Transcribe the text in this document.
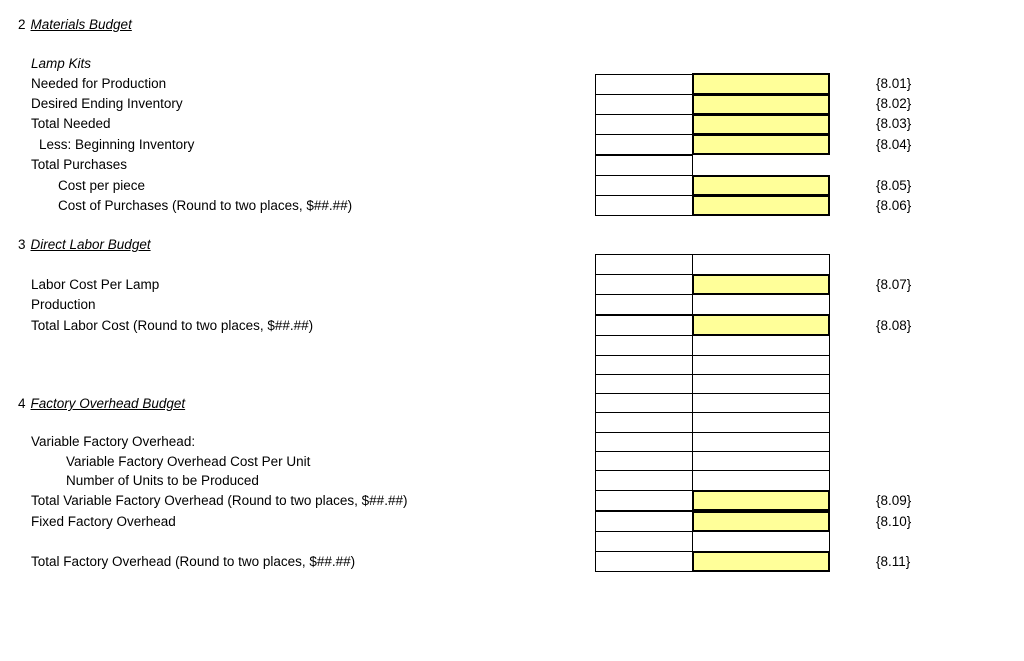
2 Materials Budget
Lamp Kits
Needed for Production
Desired Ending Inventory
Total Needed
Less: Beginning Inventory
Total Purchases
Cost per piece
Cost of Purchases (Round to two places, $##.##)
{8.01}
{8.02}
{8.03}
{8.04}
{8.05}
{8.06}
3 Direct Labor Budget
Labor Cost Per Lamp
Production
Total Labor Cost (Round to two places, $##.##)
{8.07}
{8.08}
4 Factory Overhead Budget
Variable Factory Overhead:
Variable Factory Overhead Cost Per Unit
Number of Units to be Produced
Total Variable Factory Overhead (Round to two places, $##.##)
Fixed Factory Overhead
Total Factory Overhead (Round to two places, $##.##)
{8.09}
{8.10}
{8.11}
